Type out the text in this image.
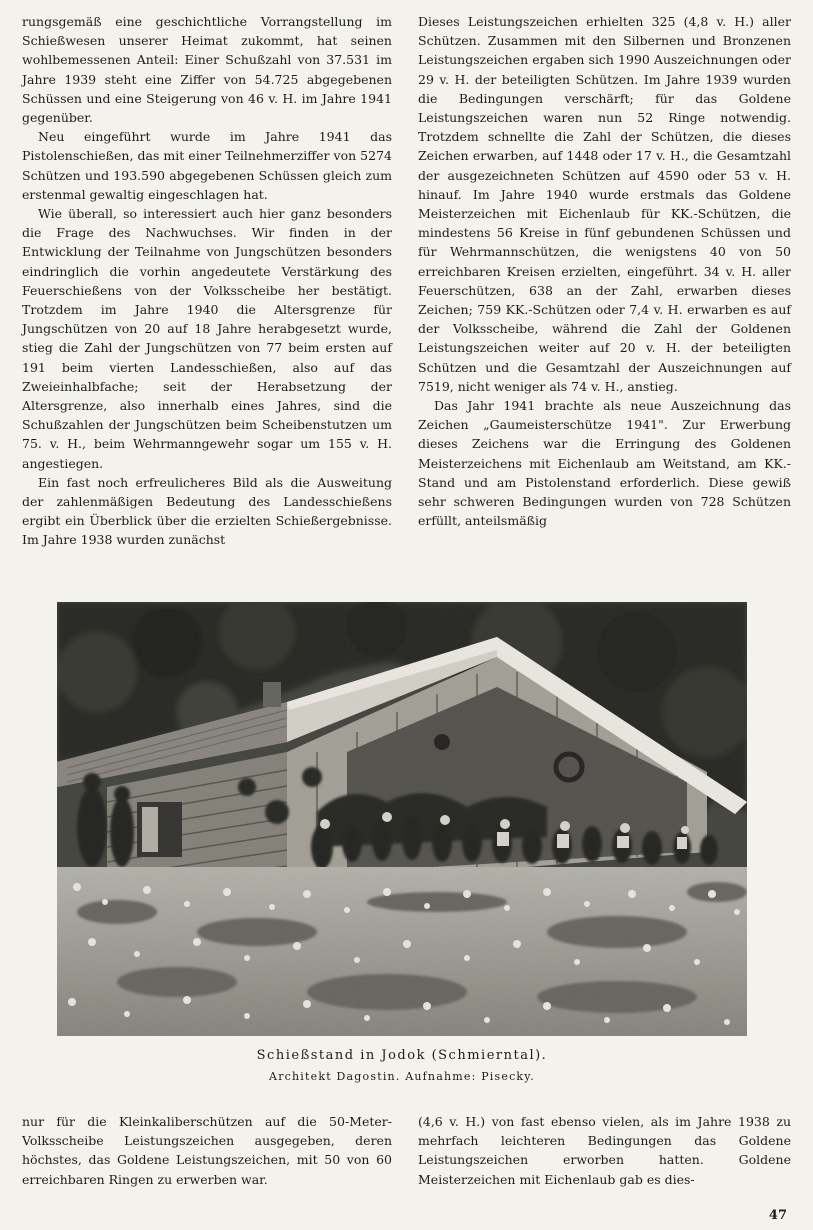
rungsgemäß eine geschichtliche Vorrangstellung im Schießwesen unserer Heimat zukommt, hat seinen wohlbemessenen Anteil: Einer Schußzahl von 37.531 im Jahre 1939 steht eine Ziffer von 54.725 abgegebenen Schüssen und eine Steigerung von 46 v. H. im Jahre 1941 gegenüber.

Neu eingeführt wurde im Jahre 1941 das Pistolenschießen, das mit einer Teilnehmerziffer von 5274 Schützen und 193.590 abgegebenen Schüssen gleich zum erstenmal gewaltig eingeschlagen hat.

Wie überall, so interessiert auch hier ganz besonders die Frage des Nachwuchses. Wir finden in der Entwicklung der Teilnahme von Jungschützen besonders eindringlich die vorhin angedeutete Verstärkung des Feuerschießens von der Volksscheibe her bestätigt. Trotzdem im Jahre 1940 die Altersgrenze für Jungschützen von 20 auf 18 Jahre herabgesetzt wurde, stieg die Zahl der Jungschützen von 77 beim ersten auf 191 beim vierten Landesschießen, also auf das Zweieinhalbfache; seit der Herabsetzung der Altersgrenze, also innerhalb eines Jahres, sind die Schußzahlen der Jungschützen beim Scheibenstutzen um 75. v. H., beim Wehrmanngewehr sogar um 155 v. H. angestiegen.

Ein fast noch erfreulicheres Bild als die Ausweitung der zahlenmäßigen Bedeutung des Landesschießens ergibt ein Überblick über die erzielten Schießergebnisse. Im Jahre 1938 wurden zunächst

Dieses Leistungszeichen erhielten 325 (4,8 v. H.) aller Schützen. Zusammen mit den Silbernen und Bronzenen Leistungszeichen ergaben sich 1990 Auszeichnungen oder 29 v. H. der beteiligten Schützen. Im Jahre 1939 wurden die Bedingungen verschärft; für das Goldene Leistungszeichen waren nun 52 Ringe notwendig. Trotzdem schnellte die Zahl der Schützen, die dieses Zeichen erwarben, auf 1448 oder 17 v. H., die Gesamtzahl der ausgezeichneten Schützen auf 4590 oder 53 v. H. hinauf. Im Jahre 1940 wurde erstmals das Goldene Meisterzeichen mit Eichenlaub für KK.-Schützen, die mindestens 56 Kreise in fünf gebundenen Schüssen und für Wehrmannschützen, die wenigstens 40 von 50 erreichbaren Kreisen erzielten, eingeführt. 34 v. H. aller Feuerschützen, 638 an der Zahl, erwarben dieses Zeichen; 759 KK.-Schützen oder 7,4 v. H. erwarben es auf der Volksscheibe, während die Zahl der Goldenen Leistungszeichen weiter auf 20 v. H. der beteiligten Schützen und die Gesamtzahl der Auszeichnungen auf 7519, nicht weniger als 74 v. H., anstieg.

Das Jahr 1941 brachte als neue Auszeichnung das Zeichen „Gaumeisterschütze 1941". Zur Erwerbung dieses Zeichens war die Erringung des Goldenen Meisterzeichens mit Eichenlaub am Weitstand, am KK.-Stand und am Pistolenstand erforderlich. Diese gewiß sehr schweren Bedingungen wurden von 728 Schützen erfüllt, anteilsmäßig

Schießstand in Jodok (Schmierntal).
Architekt Dagostin. Aufnahme: Pisecky.

nur für die Kleinkaliberschützen auf die 50-Meter-Volksscheibe Leistungszeichen ausgegeben, deren höchstes, das Goldene Leistungszeichen, mit 50 von 60 erreichbaren Ringen zu erwerben war.

(4,6 v. H.) von fast ebenso vielen, als im Jahre 1938 zu mehrfach leichteren Bedingungen das Goldene Leistungszeichen erworben hatten. Goldene Meisterzeichen mit Eichenlaub gab es dies-

47
